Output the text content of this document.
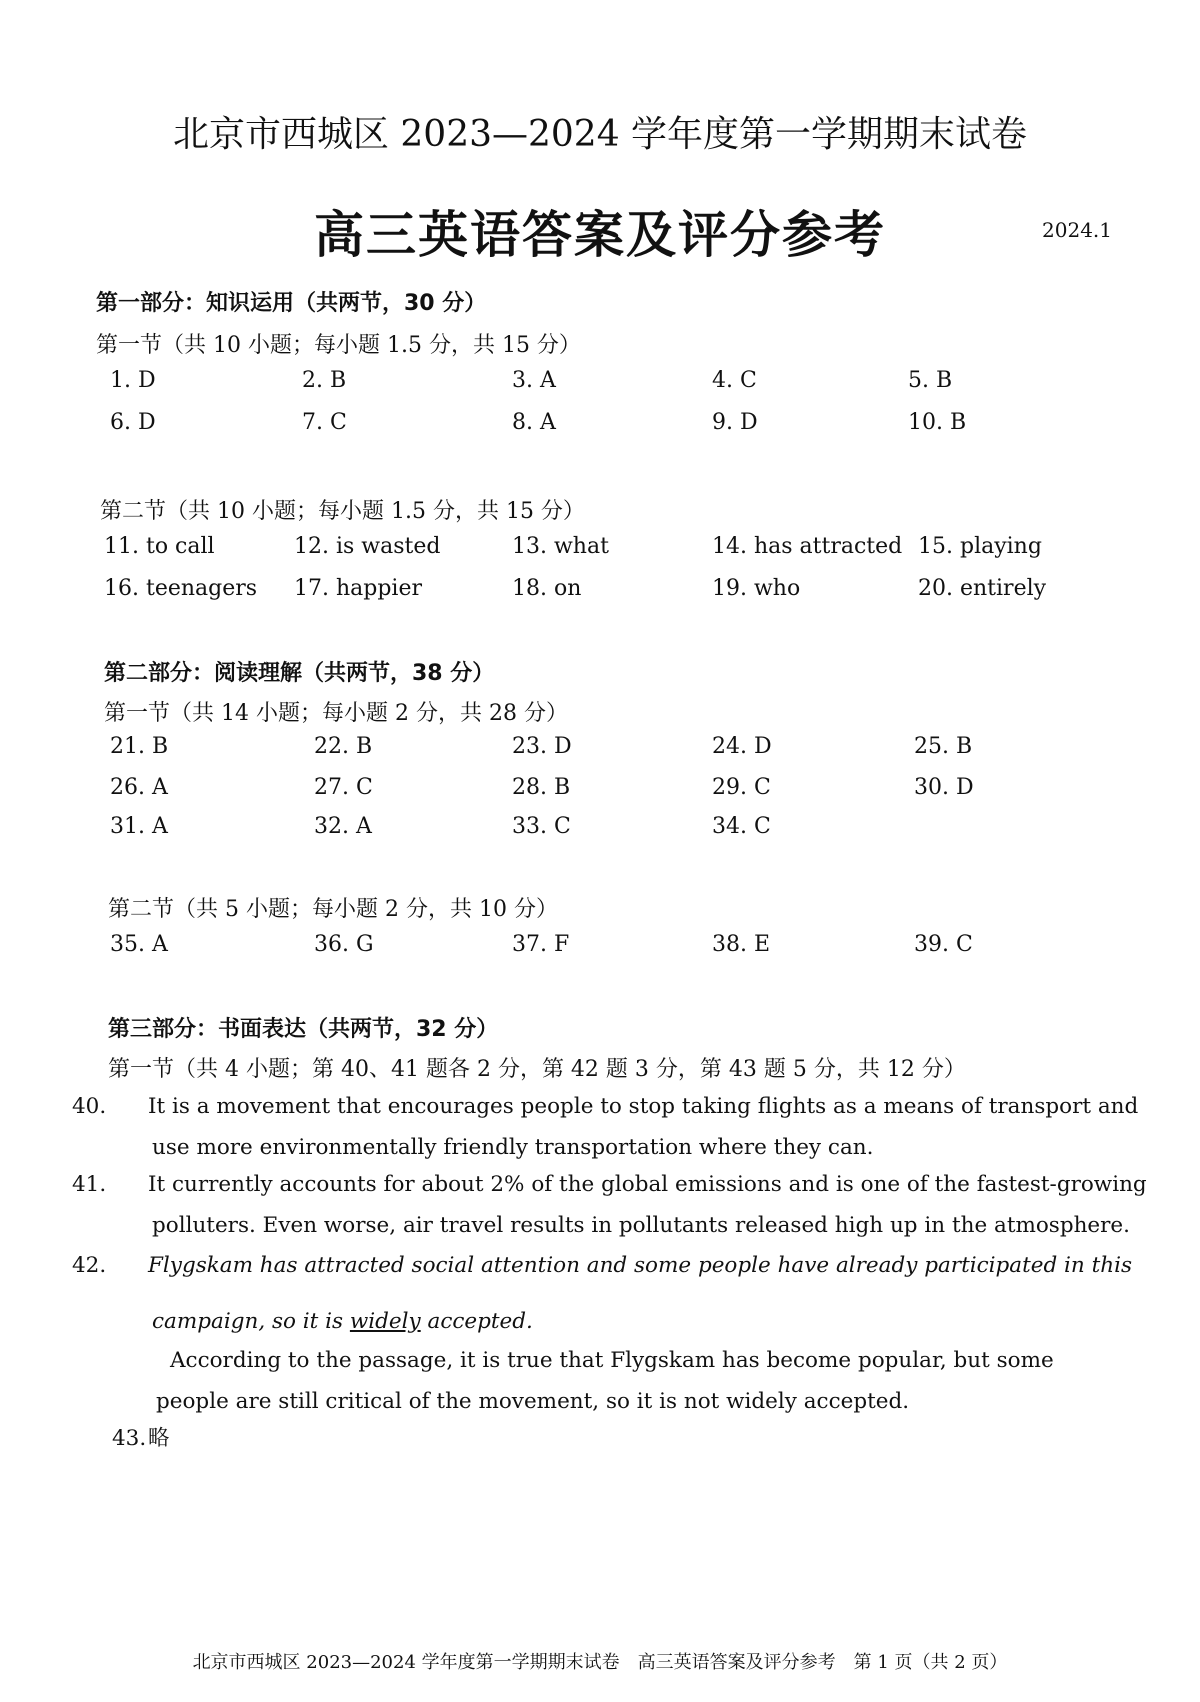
北京市西城区 2023—2024 学年度第一学期期末试卷
高三英语答案及评分参考	2024.1
第一部分：知识运用（共两节，30 分）
第一节（共 10 小题；每小题 1.5 分，共 15 分）
1. D	2. B	3. A	4. C	5. B
6. D	7. C	8. A	9. D	10. B
第二节（共 10 小题；每小题 1.5 分，共 15 分）
11. to call	12. is wasted	13. what	14. has attracted 15. playing
16. teenagers 17. happier	18. on	19. who	20. entirely
第二部分：阅读理解（共两节，38 分）
第一节（共 14 小题；每小题 2 分，共 28 分）
21. B	22. B	23. D	24. D	25. B
26. A	27. C	28. B	29. C	30. D
31. A	32. A	33. C	34. C
第二节（共 5 小题；每小题 2 分，共 10 分）
35. A	36. G	37. F	38. E	39. C
第三部分：书面表达（共两节，32 分）
第一节（共 4 小题；第 40、41 题各 2 分，第 42 题 3 分，第 43 题 5 分，共 12 分）
40. It is a movement that encourages people to stop taking flights as a means of transport and use more environmentally friendly transportation where they can.
41. It currently accounts for about 2% of the global emissions and is one of the fastest-growing polluters. Even worse, air travel results in pollutants released high up in the atmosphere.
42. Flygskam has attracted social attention and some people have already participated in this campaign, so it is widely accepted.
According to the passage, it is true that Flygskam has become popular, but some people are still critical of the movement, so it is not widely accepted.
43.略
北京市西城区 2023—2024 学年度第一学期期末试卷　高三英语答案及评分参考　第 1 页（共 2 页）
